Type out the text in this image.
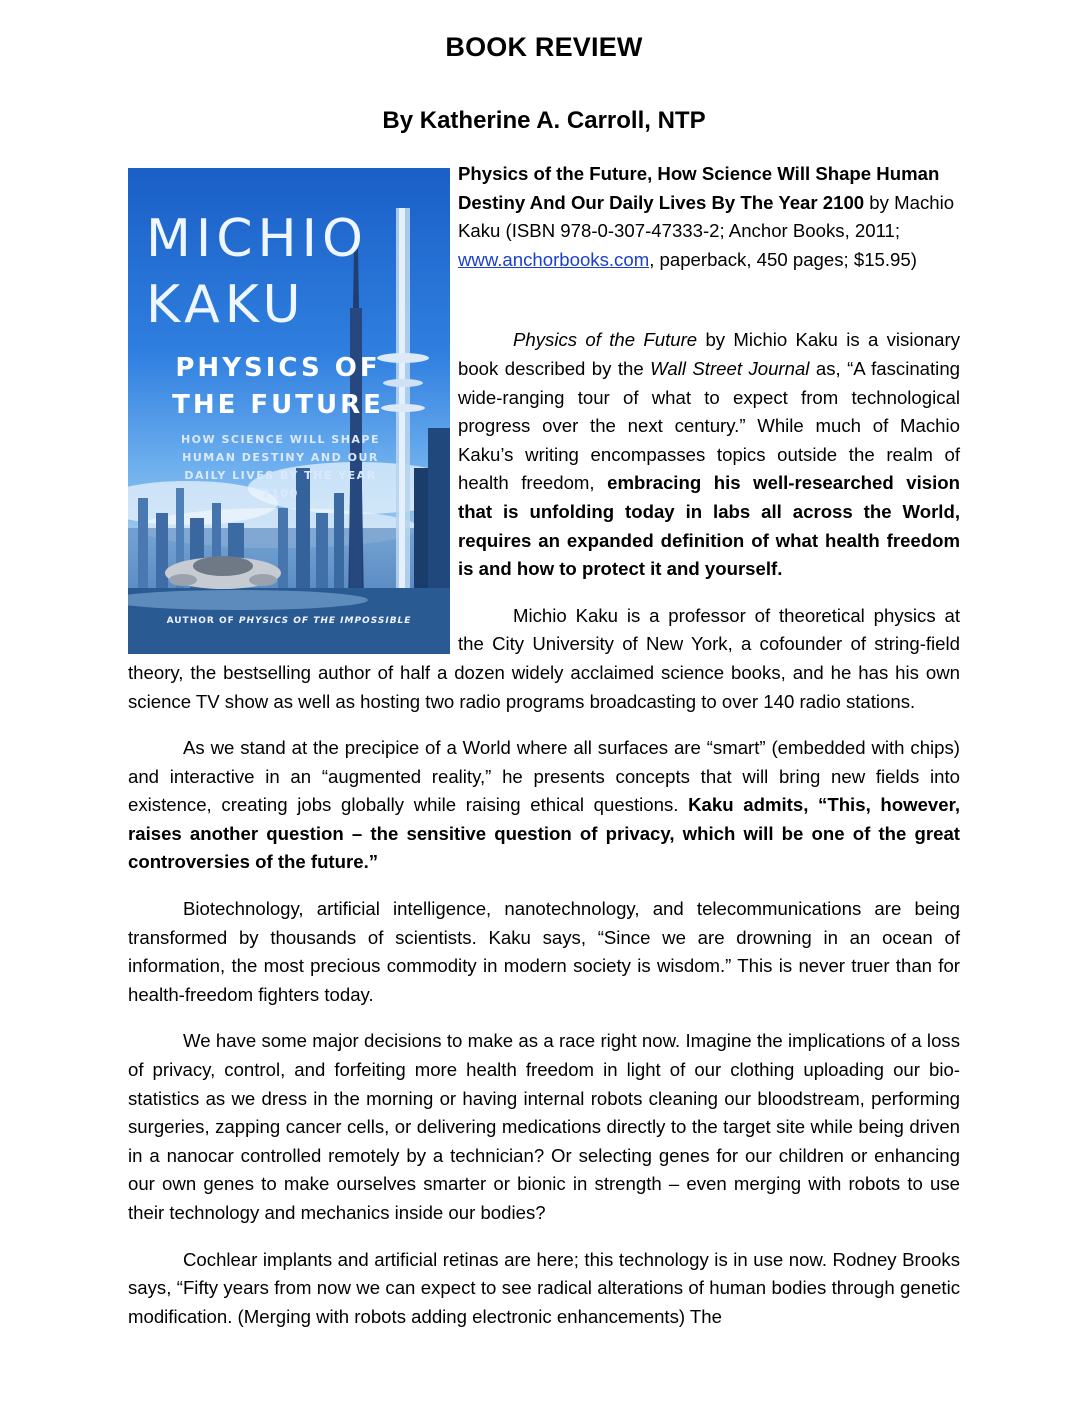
BOOK REVIEW
By Katherine A. Carroll, NTP
MICHIO KAKU
PHYSICS OF
THE FUTURE
HOW SCIENCE WILL SHAPE HUMAN DESTINY AND OUR DAILY LIVES BY THE YEAR 2100
AUTHOR OF PHYSICS OF THE IMPOSSIBLE
Physics of the Future, How Science Will Shape Human Destiny And Our Daily Lives By The Year 2100 by Machio Kaku (ISBN 978-0-307-47333-2; Anchor Books, 2011; www.anchorbooks.com, paperback, 450 pages; $15.95)

Physics of the Future by Michio Kaku is a visionary book described by the Wall Street Journal as, “A fascinating wide-ranging tour of what to expect from technological progress over the next century.” While much of Machio Kaku’s writing encompasses topics outside the realm of health freedom, embracing his well-researched vision that is unfolding today in labs all across the World, requires an expanded definition of what health freedom is and how to protect it and yourself.

Michio Kaku is a professor of theoretical physics at the City University of New York, a cofounder of string-field theory, the bestselling author of half a dozen widely acclaimed science books, and he has his own science TV show as well as hosting two radio programs broadcasting to over 140 radio stations.

As we stand at the precipice of a World where all surfaces are “smart” (embedded with chips) and interactive in an “augmented reality,” he presents concepts that will bring new fields into existence, creating jobs globally while raising ethical questions. Kaku admits, “This, however, raises another question – the sensitive question of privacy, which will be one of the great controversies of the future.”

Biotechnology, artificial intelligence, nanotechnology, and telecommunications are being transformed by thousands of scientists. Kaku says, “Since we are drowning in an ocean of information, the most precious commodity in modern society is wisdom.” This is never truer than for health-freedom fighters today.

We have some major decisions to make as a race right now. Imagine the implications of a loss of privacy, control, and forfeiting more health freedom in light of our clothing uploading our bio-statistics as we dress in the morning or having internal robots cleaning our bloodstream, performing surgeries, zapping cancer cells, or delivering medications directly to the target site while being driven in a nanocar controlled remotely by a technician? Or selecting genes for our children or enhancing our own genes to make ourselves smarter or bionic in strength – even merging with robots to use their technology and mechanics inside our bodies?

Cochlear implants and artificial retinas are here; this technology is in use now. Rodney Brooks says, “Fifty years from now we can expect to see radical alterations of human bodies through genetic modification. (Merging with robots adding electronic enhancements) The
